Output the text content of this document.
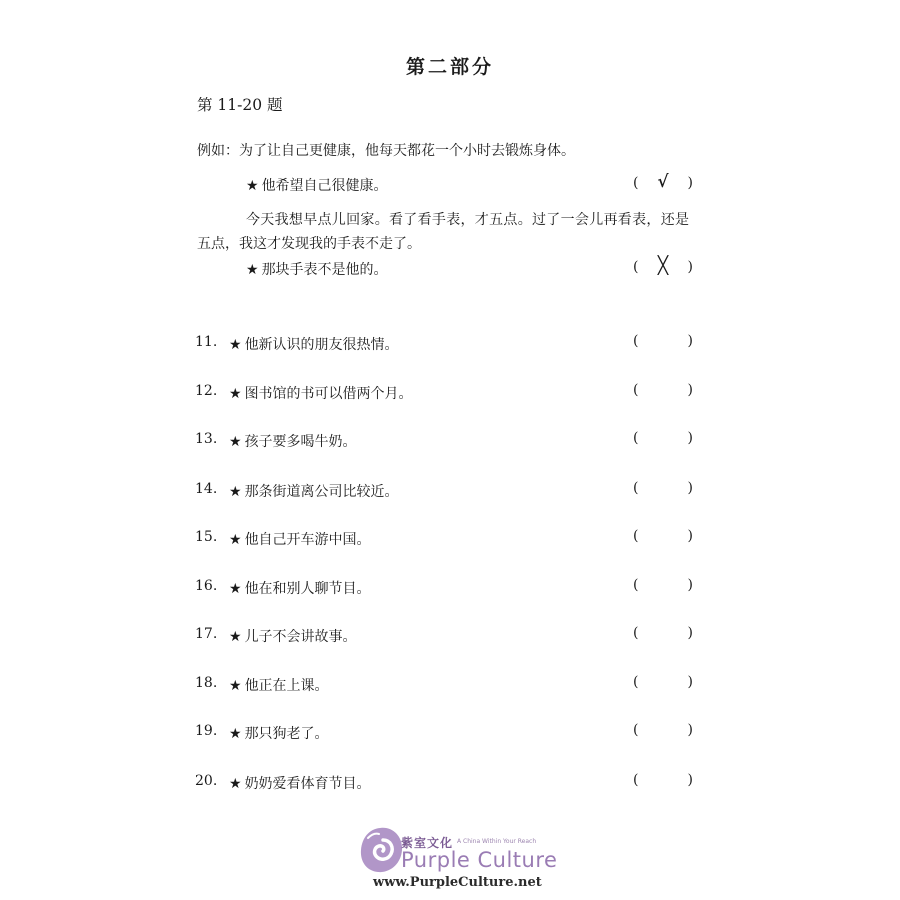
第二部分
第 11-20 题
例如：为了让自己更健康，他每天都花一个小时去锻炼身体。
★ 他希望自己很健康。	(	√	)
今天我想早点儿回家。看了看手表，才五点。过了一会儿再看表，还是五点，我这才发现我的手表不走了。
★ 那块手表不是他的。	(	╳	)
11. ★ 他新认识的朋友很热情。	(	)
12. ★ 图书馆的书可以借两个月。	(	)
13. ★ 孩子要多喝牛奶。	(	)
14. ★ 那条街道离公司比较近。	(	)
15. ★ 他自己开车游中国。	(	)
16. ★ 他在和别人聊节目。	(	)
17. ★ 儿子不会讲故事。	(	)
18. ★ 他正在上课。	(	)
19. ★ 那只狗老了。	(	)
20. ★ 奶奶爱看体育节目。	(	)
紫室文化 A China Within Your Reach
Purple Culture
www.PurpleCulture.net
